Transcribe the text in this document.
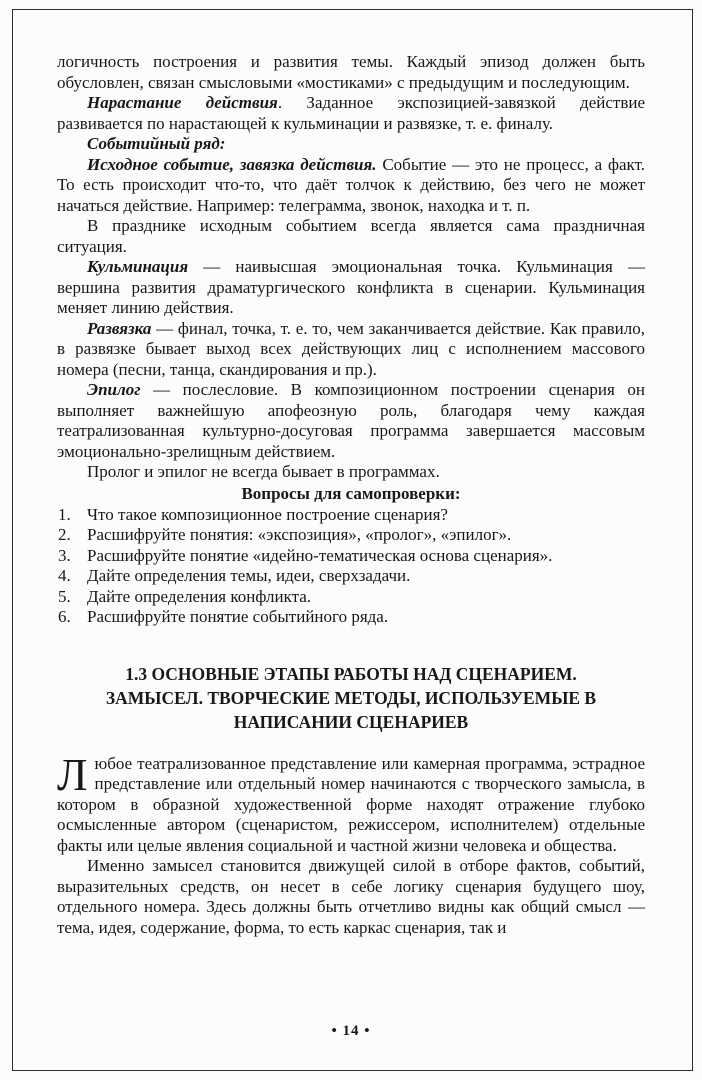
логичность построения и развития темы. Каждый эпизод должен быть обусловлен, связан смысловыми «мостиками» с предыдущим и последующим.

Нарастание действия. Заданное экспозицией-завязкой действие развивается по нарастающей к кульминации и развязке, т. е. финалу.

Событийный ряд:

Исходное событие, завязка действия. Событие — это не процесс, а факт. То есть происходит что-то, что даёт толчок к действию, без чего не может начаться действие. Например: телеграмма, звонок, находка и т. п.

В празднике исходным событием всегда является сама праздничная ситуация.

Кульминация — наивысшая эмоциональная точка. Кульминация — вершина развития драматургического конфликта в сценарии. Кульминация меняет линию действия.

Развязка — финал, точка, т. е. то, чем заканчивается действие. Как правило, в развязке бывает выход всех действующих лиц с исполнением массового номера (песни, танца, скандирования и пр.).

Эпилог — послесловие. В композиционном построении сценария он выполняет важнейшую апофеозную роль, благодаря чему каждая театрализованная культурно-досуговая программа завершается массовым эмоционально-зрелищным действием.

Пролог и эпилог не всегда бывает в программах.

Вопросы для самопроверки:
1. Что такое композиционное построение сценария?
2. Расшифруйте понятия: «экспозиция», «пролог», «эпилог».
3. Расшифруйте понятие «идейно-тематическая основа сценария».
4. Дайте определения темы, идеи, сверхзадачи.
5. Дайте определения конфликта.
6. Расшифруйте понятие событийного ряда.
1.3 ОСНОВНЫЕ ЭТАПЫ РАБОТЫ НАД СЦЕНАРИЕМ.
ЗАМЫСЕЛ. ТВОРЧЕСКИЕ МЕТОДЫ, ИСПОЛЬЗУЕМЫЕ В
НАПИСАНИИ СЦЕНАРИЕВ

Любое театрализованное представление или камерная программа, эстрадное представление или отдельный номер начинаются с творческого замысла, в котором в образной художественной форме находят отражение глубоко осмысленные автором (сценаристом, режиссером, исполнителем) отдельные факты или целые явления социальной и частной жизни человека и общества.

Именно замысел становится движущей силой в отборе фактов, событий, выразительных средств, он несет в себе логику сценария будущего шоу, отдельного номера. Здесь должны быть отчетливо видны как общий смысл — тема, идея, содержание, форма, то есть каркас сценария, так и

• 14 •
